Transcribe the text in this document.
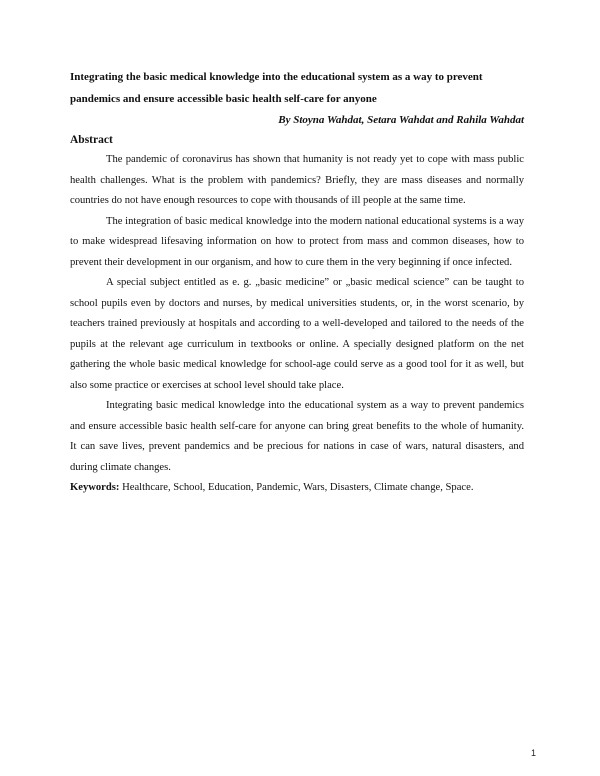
Integrating the basic medical knowledge into the educational system as a way to prevent pandemics and ensure accessible basic health self-care for anyone

By Stoyna Wahdat, Setara Wahdat and Rahila Wahdat

Abstract

The pandemic of coronavirus has shown that humanity is not ready yet to cope with mass public health challenges. What is the problem with pandemics? Briefly, they are mass diseases and normally countries do not have enough resources to cope with thousands of ill people at the same time.

The integration of basic medical knowledge into the modern national educational systems is a way to make widespread lifesaving information on how to protect from mass and common diseases, how to prevent their development in our organism, and how to cure them in the very beginning if once infected.

A special subject entitled as e. g. „basic medicine” or „basic medical science” can be taught to school pupils even by doctors and nurses, by medical universities students, or, in the worst scenario, by teachers trained previously at hospitals and according to a well-developed and tailored to the needs of the pupils at the relevant age curriculum in textbooks or online. A specially designed platform on the net gathering the whole basic medical knowledge for school-age could serve as a good tool for it as well, but also some practice or exercises at school level should take place.

Integrating basic medical knowledge into the educational system as a way to prevent pandemics and ensure accessible basic health self-care for anyone can bring great benefits to the whole of humanity. It can save lives, prevent pandemics and be precious for nations in case of wars, natural disasters, and during climate changes.

Keywords: Healthcare, School, Education, Pandemic, Wars, Disasters, Climate change, Space.

1
